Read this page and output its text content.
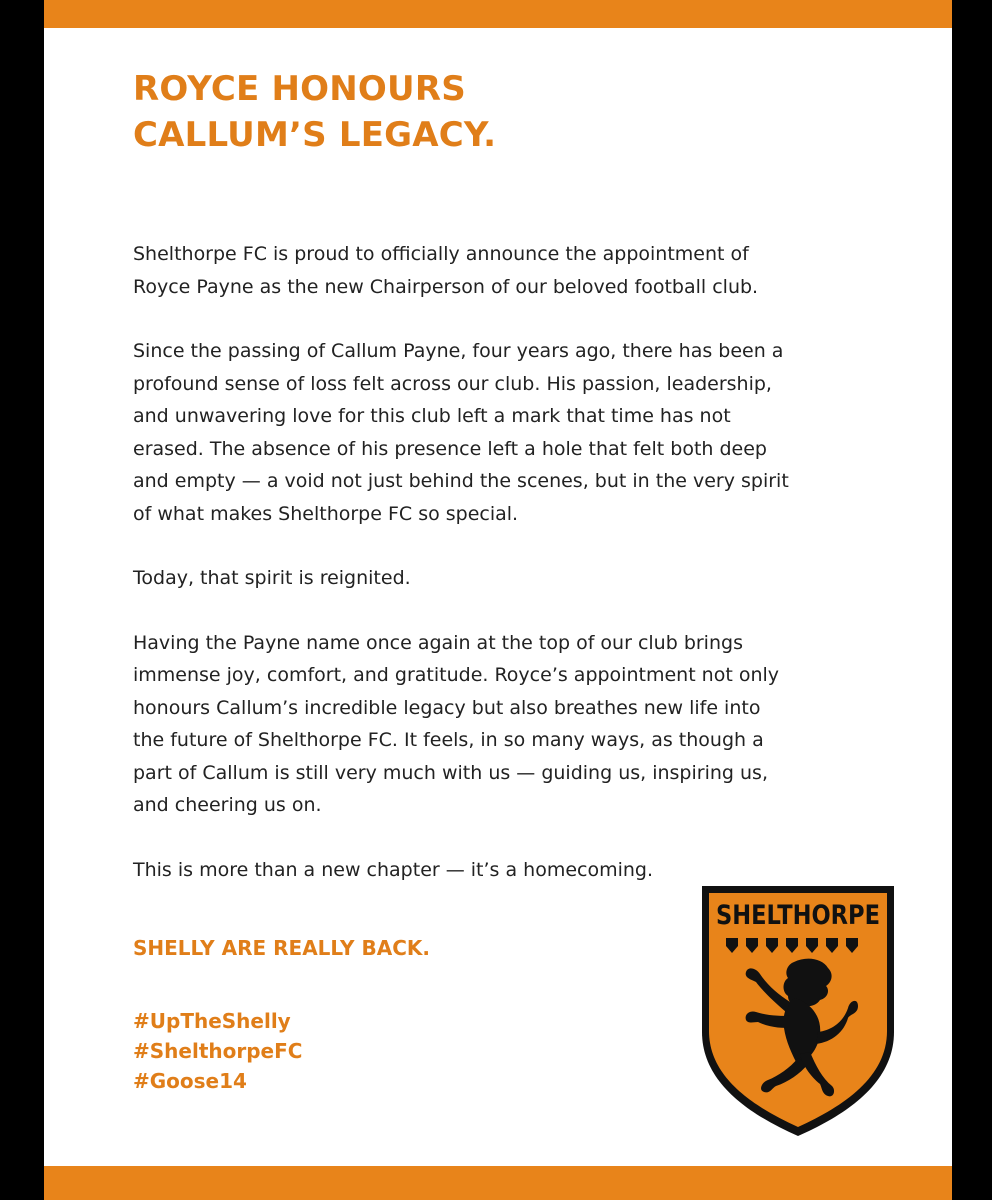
ROYCE HONOURS
CALLUM’S LEGACY.

Shelthorpe FC is proud to officially announce the appointment of Royce Payne as the new Chairperson of our beloved football club.

Since the passing of Callum Payne, four years ago, there has been a profound sense of loss felt across our club. His passion, leadership, and unwavering love for this club left a mark that time has not erased. The absence of his presence left a hole that felt both deep and empty — a void not just behind the scenes, but in the very spirit of what makes Shelthorpe FC so special.

Today, that spirit is reignited.

Having the Payne name once again at the top of our club brings immense joy, comfort, and gratitude. Royce’s appointment not only honours Callum’s incredible legacy but also breathes new life into the future of Shelthorpe FC. It feels, in so many ways, as though a part of Callum is still very much with us — guiding us, inspiring us, and cheering us on.

This is more than a new chapter — it’s a homecoming.

SHELLY ARE REALLY BACK.
#UpTheShelly
#ShelthorpeFC
#Goose14
SHELTHORPE
